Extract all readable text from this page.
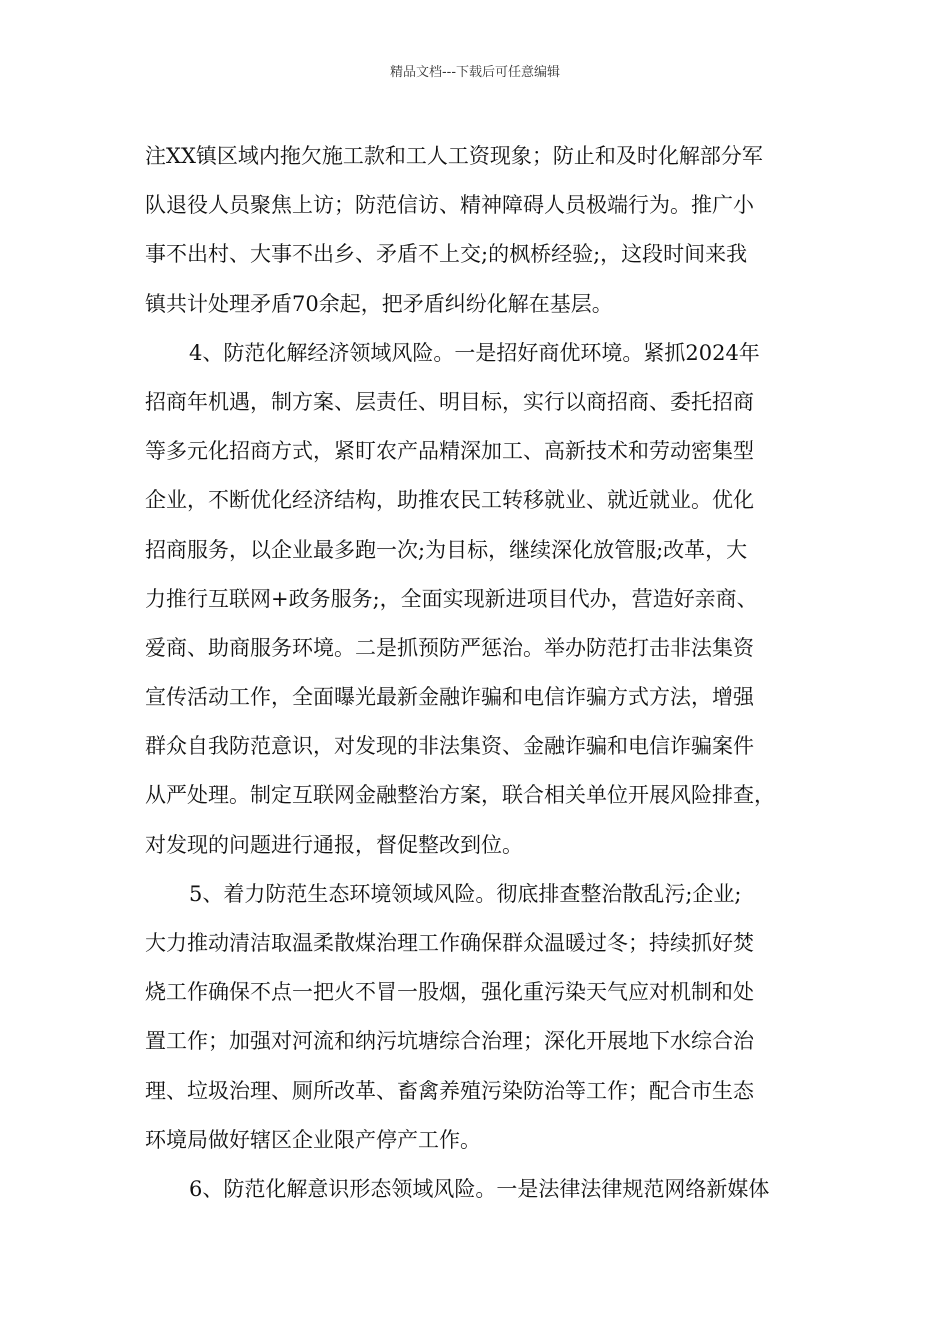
精品文档---下载后可任意编辑
注XX镇区域内拖欠施工款和工人工资现象；防止和及时化解部分军
队退役人员聚焦上访；防范信访、精神障碍人员极端行为。推广小
事不出村、大事不出乡、矛盾不上交;的枫桥经验;，这段时间来我
镇共计处理矛盾70余起，把矛盾纠纷化解在基层。
4、防范化解经济领域风险。一是招好商优环境。紧抓2024年
招商年机遇，制方案、层责任、明目标，实行以商招商、委托招商
等多元化招商方式，紧盯农产品精深加工、高新技术和劳动密集型
企业，不断优化经济结构，助推农民工转移就业、就近就业。优化
招商服务，以企业最多跑一次;为目标，继续深化放管服;改革，大
力推行互联网+政务服务;，全面实现新进项目代办，营造好亲商、
爱商、助商服务环境。二是抓预防严惩治。举办防范打击非法集资
宣传活动工作，全面曝光最新金融诈骗和电信诈骗方式方法，增强
群众自我防范意识，对发现的非法集资、金融诈骗和电信诈骗案件
从严处理。制定互联网金融整治方案，联合相关单位开展风险排查，
对发现的问题进行通报，督促整改到位。
5、着力防范生态环境领域风险。彻底排查整治散乱污;企业;
大力推动清洁取温柔散煤治理工作确保群众温暖过冬；持续抓好焚
烧工作确保不点一把火不冒一股烟，强化重污染天气应对机制和处
置工作；加强对河流和纳污坑塘综合治理；深化开展地下水综合治
理、垃圾治理、厕所改革、畜禽养殖污染防治等工作；配合市生态
环境局做好辖区企业限产停产工作。
6、防范化解意识形态领域风险。一是法律法律规范网络新媒体
